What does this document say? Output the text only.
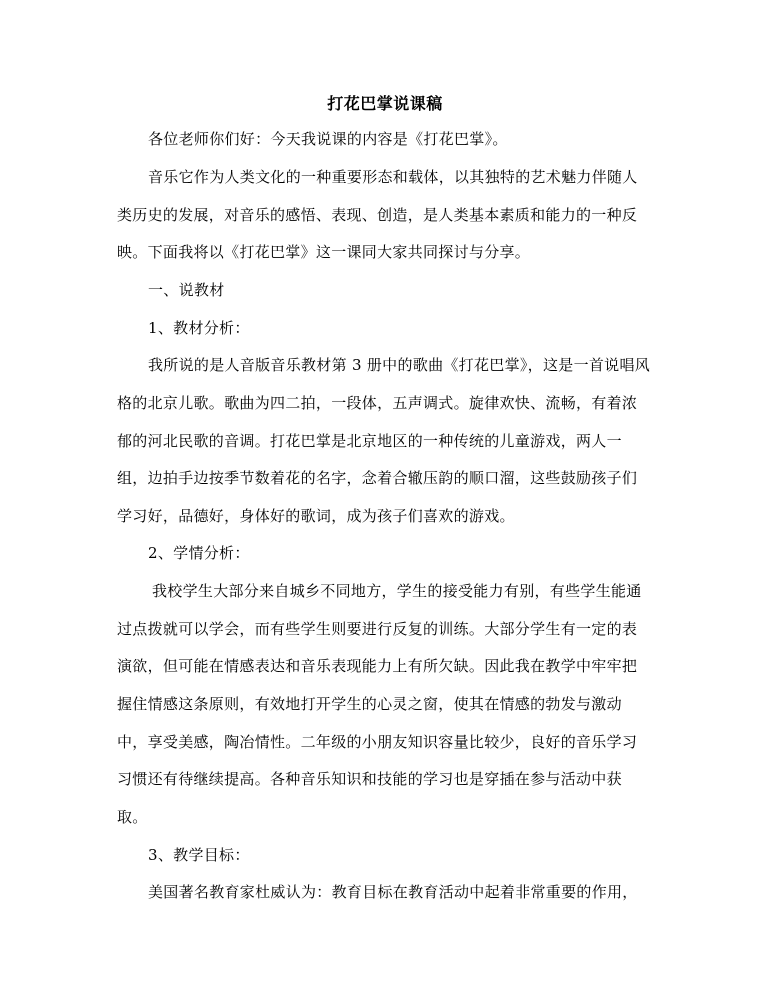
打花巴掌说课稿
各位老师你们好：今天我说课的内容是《打花巴掌》。
音乐它作为人类文化的一种重要形态和载体，以其独特的艺术魅力伴随人
类历史的发展，对音乐的感悟、表现、创造，是人类基本素质和能力的一种反
映。下面我将以《打花巴掌》这一课同大家共同探讨与分享。
一、说教材
1、教材分析：
我所说的是人音版音乐教材第 3 册中的歌曲《打花巴掌》，这是一首说唱风
格的北京儿歌。歌曲为四二拍，一段体，五声调式。旋律欢快、流畅，有着浓
郁的河北民歌的音调。打花巴掌是北京地区的一种传统的儿童游戏，两人一
组，边拍手边按季节数着花的名字，念着合辙压韵的顺口溜，这些鼓励孩子们
学习好，品德好，身体好的歌词，成为孩子们喜欢的游戏。
2、学情分析：
我校学生大部分来自城乡不同地方，学生的接受能力有别，有些学生能通
过点拨就可以学会，而有些学生则要进行反复的训练。大部分学生有一定的表
演欲，但可能在情感表达和音乐表现能力上有所欠缺。因此我在教学中牢牢把
握住情感这条原则，有效地打开学生的心灵之窗，使其在情感的勃发与激动
中，享受美感，陶冶情性。二年级的小朋友知识容量比较少，良好的音乐学习
习惯还有待继续提高。各种音乐知识和技能的学习也是穿插在参与活动中获
取。
3、教学目标：
美国著名教育家杜威认为：教育目标在教育活动中起着非常重要的作用，
